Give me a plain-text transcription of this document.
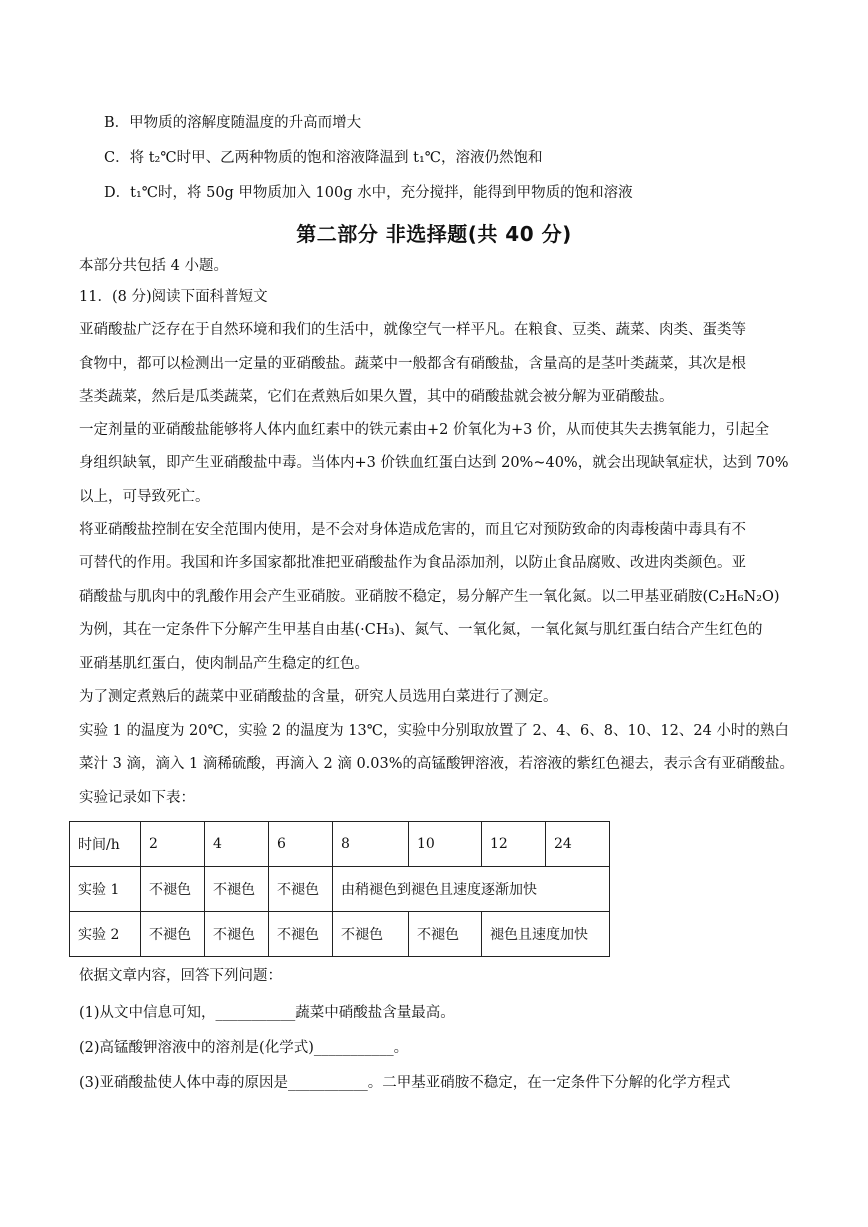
B．甲物质的溶解度随温度的升高而增大
C．将 t₂℃时甲、乙两种物质的饱和溶液降温到 t₁℃，溶液仍然饱和
D．t₁℃时，将 50g 甲物质加入 100g 水中，充分搅拌，能得到甲物质的饱和溶液
第二部分 非选择题(共 40 分)
本部分共包括 4 小题。
11．(8 分)阅读下面科普短文
亚硝酸盐广泛存在于自然环境和我们的生活中，就像空气一样平凡。在粮食、豆类、蔬菜、肉类、蛋类等
食物中，都可以检测出一定量的亚硝酸盐。蔬菜中一般都含有硝酸盐，含量高的是茎叶类蔬菜，其次是根
茎类蔬菜，然后是瓜类蔬菜，它们在煮熟后如果久置，其中的硝酸盐就会被分解为亚硝酸盐。
一定剂量的亚硝酸盐能够将人体内血红素中的铁元素由+2 价氧化为+3 价，从而使其失去携氧能力，引起全
身组织缺氧，即产生亚硝酸盐中毒。当体内+3 价铁血红蛋白达到 20%~40%，就会出现缺氧症状，达到 70%
以上，可导致死亡。
将亚硝酸盐控制在安全范围内使用，是不会对身体造成危害的，而且它对预防致命的肉毒梭菌中毒具有不
可替代的作用。我国和许多国家都批准把亚硝酸盐作为食品添加剂，以防止食品腐败、改进肉类颜色。亚
硝酸盐与肌肉中的乳酸作用会产生亚硝胺。亚硝胺不稳定，易分解产生一氧化氮。以二甲基亚硝胺(C₂H₆N₂O)
为例，其在一定条件下分解产生甲基自由基(·CH₃)、氮气、一氧化氮，一氧化氮与肌红蛋白结合产生红色的
亚硝基肌红蛋白，使肉制品产生稳定的红色。
为了测定煮熟后的蔬菜中亚硝酸盐的含量，研究人员选用白菜进行了测定。
实验 1 的温度为 20℃，实验 2 的温度为 13℃，实验中分别取放置了 2、4、6、8、10、12、24 小时的熟白
菜汁 3 滴，滴入 1 滴稀硫酸，再滴入 2 滴 0.03%的高锰酸钾溶液，若溶液的紫红色褪去，表示含有亚硝酸盐。
实验记录如下表：
时间/h	2	4	6	8	10	12	24
实验 1	不褪色	不褪色	不褪色	由稍褪色到褪色且速度逐渐加快			
实验 2	不褪色	不褪色	不褪色	不褪色	不褪色	褪色且速度加快	
依据文章内容，回答下列问题：
(1)从文中信息可知，___________蔬菜中硝酸盐含量最高。
(2)高锰酸钾溶液中的溶剂是(化学式)___________。
(3)亚硝酸盐使人体中毒的原因是___________。二甲基亚硝胺不稳定，在一定条件下分解的化学方程式
